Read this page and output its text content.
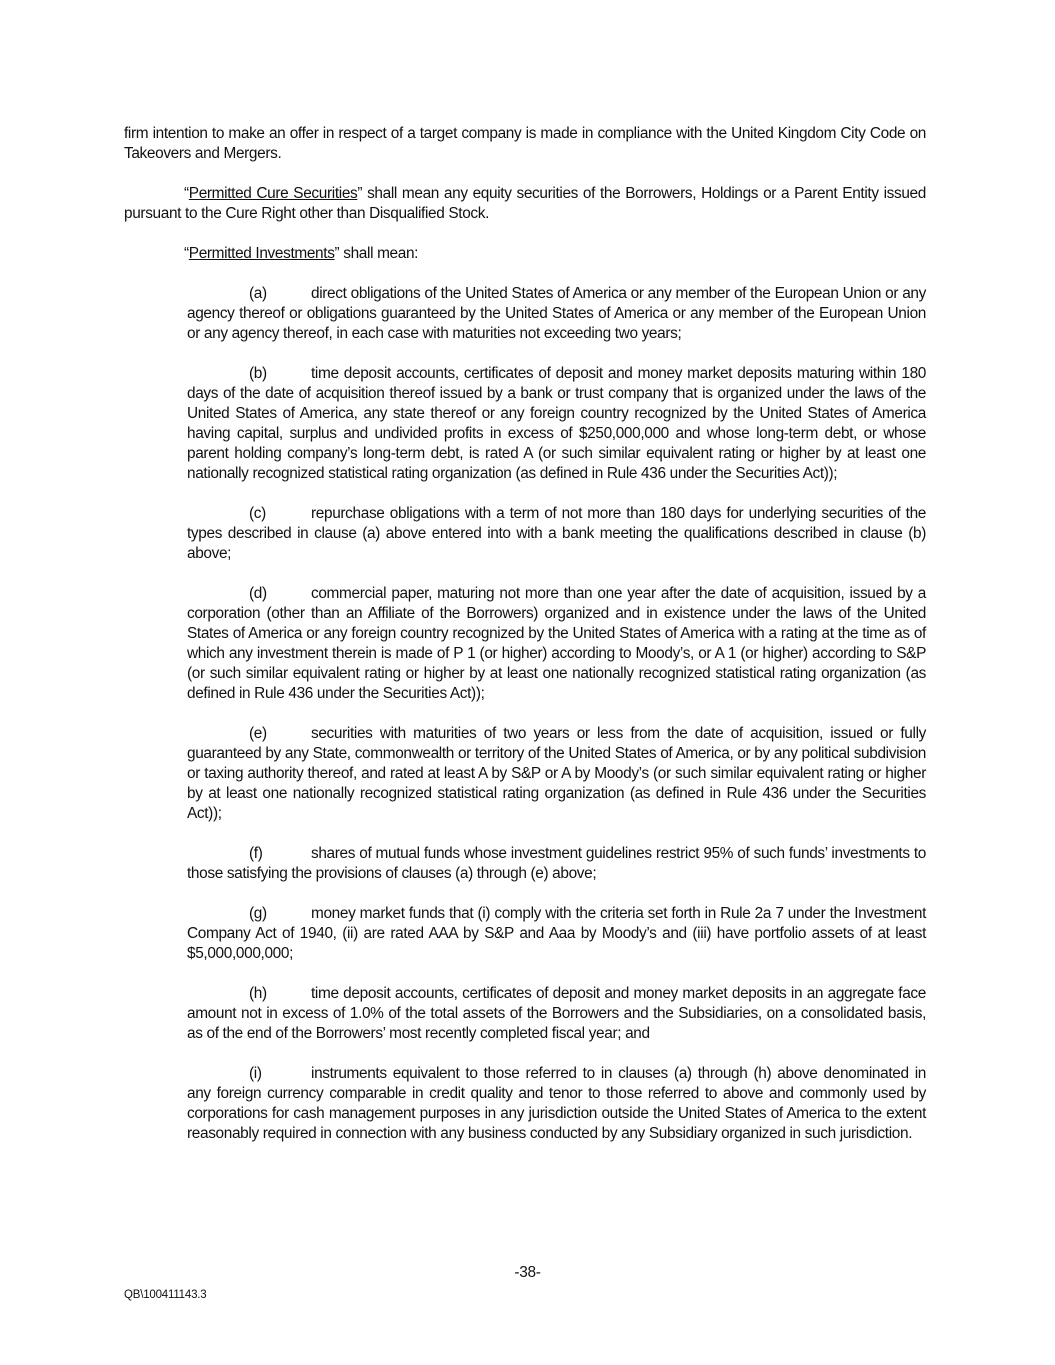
firm intention to make an offer in respect of a target company is made in compliance with the United Kingdom City Code on Takeovers and Mergers.

“Permitted Cure Securities” shall mean any equity securities of the Borrowers, Holdings or a Parent Entity issued pursuant to the Cure Right other than Disqualified Stock.

“Permitted Investments” shall mean:

(a)	direct obligations of the United States of America or any member of the European Union or any agency thereof or obligations guaranteed by the United States of America or any member of the European Union or any agency thereof, in each case with maturities not exceeding two years;

(b)	time deposit accounts, certificates of deposit and money market deposits maturing within 180 days of the date of acquisition thereof issued by a bank or trust company that is organized under the laws of the United States of America, any state thereof or any foreign country recognized by the United States of America having capital, surplus and undivided profits in excess of $250,000,000 and whose long-term debt, or whose parent holding company’s long-term debt, is rated A (or such similar equivalent rating or higher by at least one nationally recognized statistical rating organization (as defined in Rule 436 under the Securities Act));

(c)	repurchase obligations with a term of not more than 180 days for underlying securities of the types described in clause (a) above entered into with a bank meeting the qualifications described in clause (b) above;

(d)	commercial paper, maturing not more than one year after the date of acquisition, issued by a corporation (other than an Affiliate of the Borrowers) organized and in existence under the laws of the United States of America or any foreign country recognized by the United States of America with a rating at the time as of which any investment therein is made of P 1 (or higher) according to Moody’s, or A 1 (or higher) according to S&P (or such similar equivalent rating or higher by at least one nationally recognized statistical rating organization (as defined in Rule 436 under the Securities Act));

(e)	securities with maturities of two years or less from the date of acquisition, issued or fully guaranteed by any State, commonwealth or territory of the United States of America, or by any political subdivision or taxing authority thereof, and rated at least A by S&P or A by Moody’s (or such similar equivalent rating or higher by at least one nationally recognized statistical rating organization (as defined in Rule 436 under the Securities Act));

(f)	shares of mutual funds whose investment guidelines restrict 95% of such funds’ investments to those satisfying the provisions of clauses (a) through (e) above;

(g)	money market funds that (i) comply with the criteria set forth in Rule 2a 7 under the Investment Company Act of 1940, (ii) are rated AAA by S&P and Aaa by Moody’s and (iii) have portfolio assets of at least $5,000,000,000;

(h)	time deposit accounts, certificates of deposit and money market deposits in an aggregate face amount not in excess of 1.0% of the total assets of the Borrowers and the Subsidiaries, on a consolidated basis, as of the end of the Borrowers’ most recently completed fiscal year; and

(i)	instruments equivalent to those referred to in clauses (a) through (h) above denominated in any foreign currency comparable in credit quality and tenor to those referred to above and commonly used by corporations for cash management purposes in any jurisdiction outside the United States of America to the extent reasonably required in connection with any business conducted by any Subsidiary organized in such jurisdiction.

-38-
QB\100411143.3
